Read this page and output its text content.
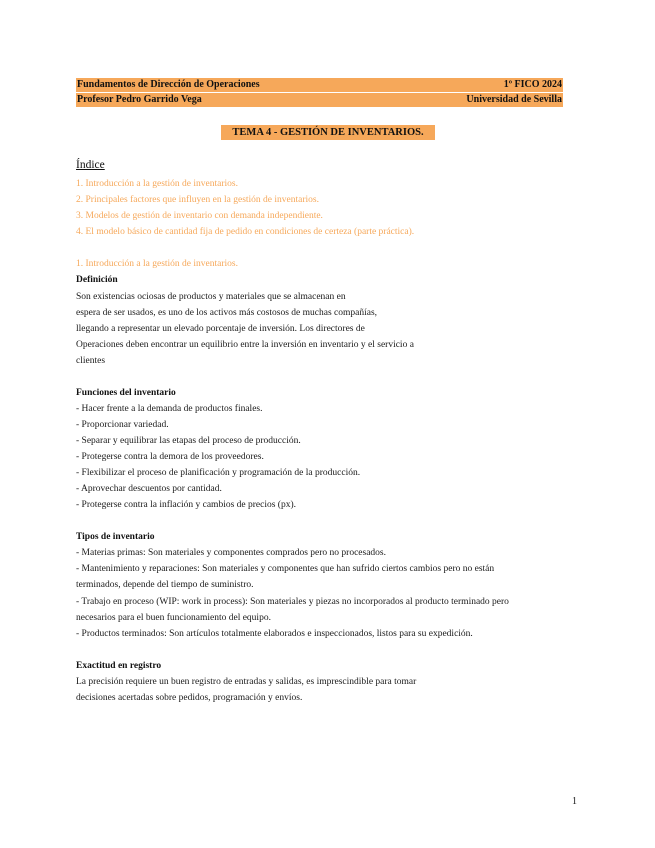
Fundamentos de Dirección de Operaciones	1º FICO 2024
Profesor Pedro Garrido Vega	Universidad de Sevilla
TEMA 4 - GESTIÓN DE INVENTARIOS.
Índice
1. Introducción a la gestión de inventarios.
2. Principales factores que influyen en la gestión de inventarios.
3. Modelos de gestión de inventario con demanda independiente.
4. El modelo básico de cantidad fija de pedido en condiciones de certeza (parte práctica).
1. Introducción a la gestión de inventarios.
Definición
Son existencias ociosas de productos y materiales que se almacenan en
espera de ser usados, es uno de los activos más costosos de muchas compañías,
llegando a representar un elevado porcentaje de inversión. Los directores de
Operaciones deben encontrar un equilibrio entre la inversión en inventario y el servicio a
clientes
Funciones del inventario
- Hacer frente a la demanda de productos finales.
- Proporcionar variedad.
- Separar y equilibrar las etapas del proceso de producción.
- Protegerse contra la demora de los proveedores.
- Flexibilizar el proceso de planificación y programación de la producción.
- Aprovechar descuentos por cantidad.
- Protegerse contra la inflación y cambios de precios (px).
Tipos de inventario
- Materias primas: Son materiales y componentes comprados pero no procesados.
- Mantenimiento y reparaciones: Son materiales y componentes que han sufrido ciertos cambios pero no están
terminados, depende del tiempo de suministro.
- Trabajo en proceso (WIP: work in process): Son materiales y piezas no incorporados al producto terminado pero
necesarios para el buen funcionamiento del equipo.
- Productos terminados: Son artículos totalmente elaborados e inspeccionados, listos para su expedición.
Exactitud en registro
La precisión requiere un buen registro de entradas y salidas, es imprescindible para tomar
decisiones acertadas sobre pedidos, programación y envíos.
1
